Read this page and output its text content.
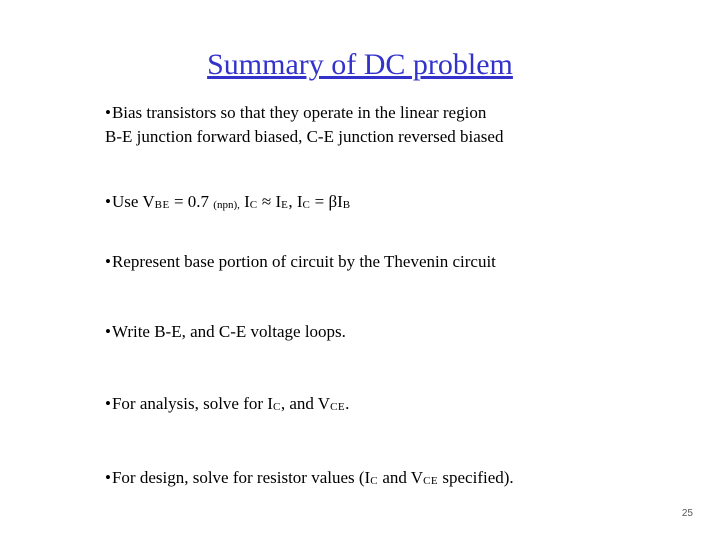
Summary of DC problem
•Bias transistors so that they operate in the linear region
B-E junction forward biased, C-E junction reversed biased
•Use VBE = 0.7 (npn), IC ≈ IE, IC = βIB
•Represent base portion of circuit by the Thevenin circuit
•Write B-E, and C-E voltage loops.
•For analysis, solve for IC, and VCE.
•For design, solve for resistor values (IC and VCE specified).
25
